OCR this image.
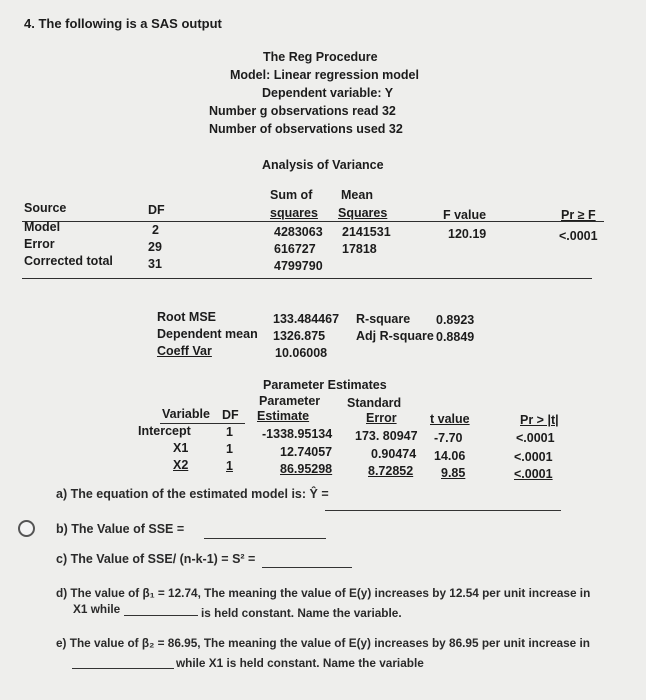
4. The following is a SAS output
The Reg Procedure
Model: Linear regression model
Dependent variable: Y
Number g observations read 32
Number of observations used 32
Analysis of Variance
Sum of Mean
Source	DF	squares Squares	F value	Pr ≥ F
Model	2	4283063 2141531	120.19	<.0001
Error	29	616727 17818
Corrected total	31	4799790
Root MSE	133.484467 R-square 0.8923
Dependent mean 1326.875 Adj R-square 0.8849
Coeff Var	10.06008
Parameter Estimates
Parameter Standard
Variable DF Estimate	Error	t value	Pr > |t|
Intercept	1 -1338.95134 173. 80947 -7.70	<.0001
X1	1	12.74057	0.90474 14.06	<.0001
X2	1	86.95298	8.72852 9.85	<.0001
a) The equation of the estimated model is: Ŷ =
b) The Value of SSE =
c) The Value of SSE/ (n-k-1) = S² =
d) The value of β₁ = 12.74, The meaning the value of E(y) increases by 12.54 per unit increase in
X1 while	is held constant. Name the variable.
e) The value of β₂ = 86.95, The meaning the value of E(y) increases by 86.95 per unit increase in
while X1 is held constant. Name the variable
